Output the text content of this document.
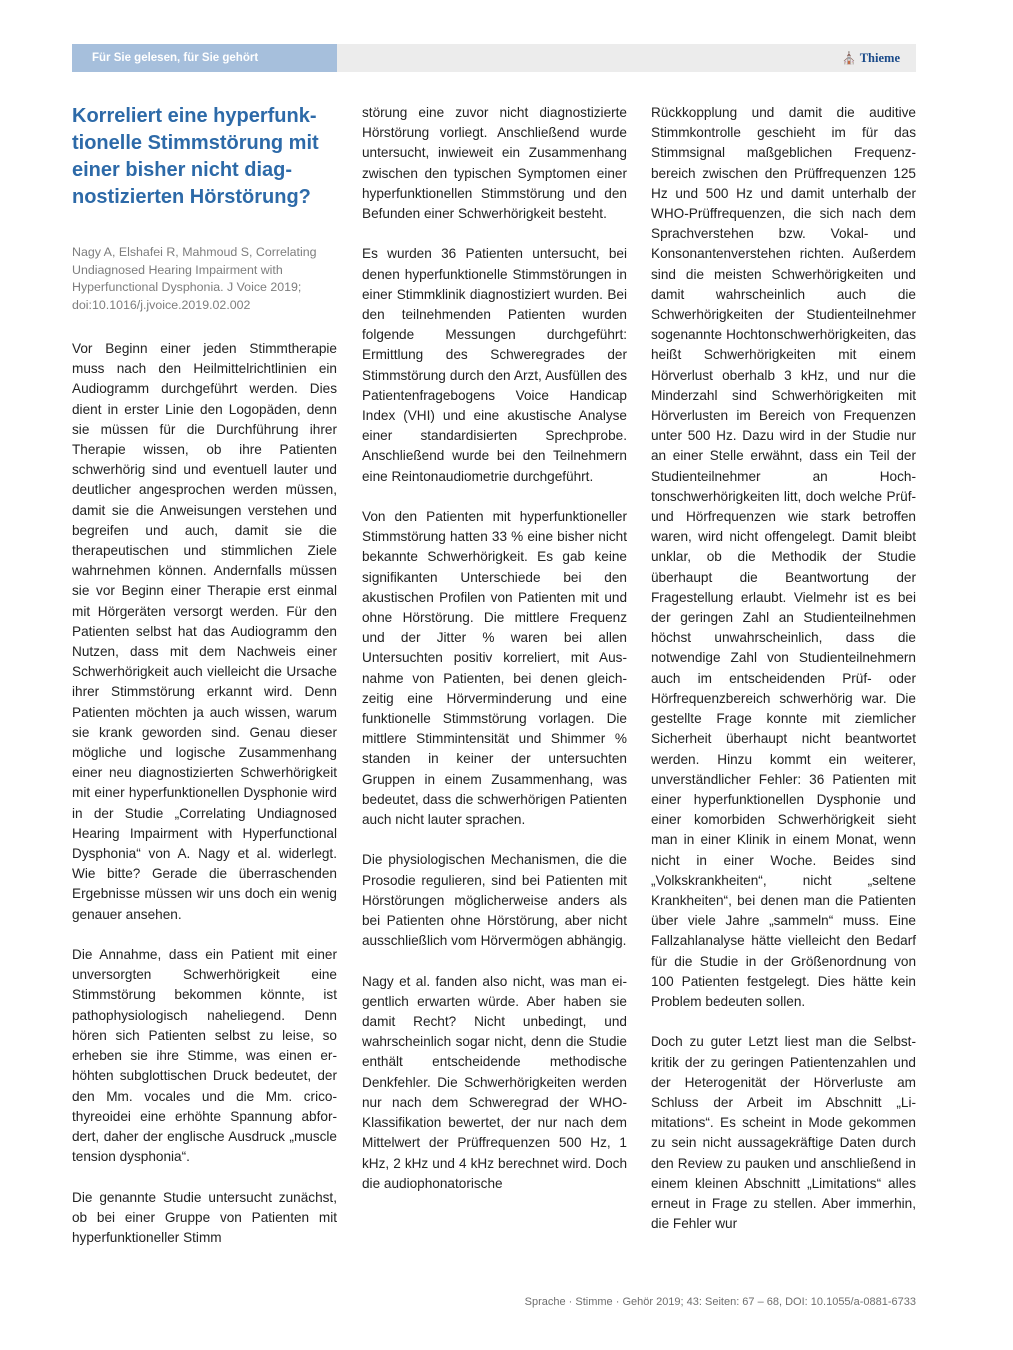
Für Sie gelesen, für Sie gehört	⛪ Thieme
Korreliert eine hyperfunktionelle Stimmstörung mit einer bisher nicht diagnostizierten Hörstörung?

Nagy A, Elshafei R, Mahmoud S, Correlating Undiagnosed Hearing Impairment with Hyperfunctional Dysphonia. J Voice 2019; doi:10.1016/j.jvoice.2019.02.002

Vor Beginn einer jeden Stimmtherapie muss nach den Heilmittelrichtlinien ein Audiogramm durchgeführt werden. Dies dient in erster Linie den Logopäden, denn sie müssen für die Durchführung ihrer Therapie wissen, ob ihre Patienten schwerhörig sind und eventuell lauter und deutlicher angesprochen werden müssen, damit sie die Anweisungen verstehen und begreifen und auch, damit sie die therapeutischen und stimmlichen Ziele wahrnehmen können. Andernfalls müssen sie vor Beginn einer Therapie erst einmal mit Hörgeräten versorgt werden. Für den Patienten selbst hat das Audiogramm den Nutzen, dass mit dem Nachweis einer Schwerhörigkeit auch vielleicht die Ursache ihrer Stimmstörung erkannt wird. Denn Patienten möchten ja auch wissen, warum sie krank geworden sind. Genau dieser mögliche und logische Zusammenhang einer neu diagnostizierten Schwerhörigkeit mit einer hyperfunktionellen Dysphonie wird in der Studie „Correlating Undiagnosed Hearing Impairment with Hyperfunctional Dysphonia“ von A. Nagy et al. widerlegt. Wie bitte? Gerade die überraschenden Ergebnisse müssen wir uns doch ein wenig genauer ansehen.

Die Annahme, dass ein Patient mit einer unversorgten Schwerhörigkeit eine Stimmstörung bekommen könnte, ist pathophysiologisch naheliegend. Denn hören sich Patienten selbst zu leise, so erheben sie ihre Stimme, was einen erhöhten subglottischen Druck bedeutet, der den Mm. vocales und die Mm. cricothyreoidei eine erhöhte Spannung abfordert, daher der englische Ausdruck „muscle tension dysphonia“.

Die genannte Studie untersucht zunächst, ob bei einer Gruppe von Patienten mit hyperfunktioneller Stimm

störung eine zuvor nicht diagnostizierte Hörstörung vorliegt. Anschließend wurde untersucht, inwieweit ein Zusammenhang zwischen den typischen Symptomen einer hyperfunktionellen Stimmstörung und den Befunden einer Schwerhörigkeit besteht.

Es wurden 36 Patienten untersucht, bei denen hyperfunktionelle Stimmstörungen in einer Stimmklinik diagnostiziert wurden. Bei den teilnehmenden Patienten wurden folgende Messungen durchgeführt: Ermittlung des Schweregrades der Stimmstörung durch den Arzt, Ausfüllen des Patientenfragebogens Voice Handicap Index (VHI) und eine akustische Analyse einer standardisierten Sprechprobe. Anschließend wurde bei den Teilnehmern eine Reintonaudiometrie durchgeführt.

Von den Patienten mit hyperfunktioneller Stimmstörung hatten 33 % eine bisher nicht bekannte Schwerhörigkeit. Es gab keine signifikanten Unterschiede bei den akustischen Profilen von Patienten mit und ohne Hörstörung. Die mittlere Frequenz und der Jitter % waren bei allen Untersuchten positiv korreliert, mit Ausnahme von Patienten, bei denen gleichzeitig eine Hörverminderung und eine funktionelle Stimmstörung vorlagen. Die mittlere Stimmintensität und Shimmer % standen in keiner der untersuchten Gruppen in einem Zusammenhang, was bedeutet, dass die schwerhörigen Patienten auch nicht lauter sprachen.

Die physiologischen Mechanismen, die die Prosodie regulieren, sind bei Patienten mit Hörstörungen möglicherweise anders als bei Patienten ohne Hörstörung, aber nicht ausschließlich vom Hörvermögen abhängig.

Nagy et al. fanden also nicht, was man eigentlich erwarten würde. Aber haben sie damit Recht? Nicht unbedingt, und wahrscheinlich sogar nicht, denn die Studie enthält entscheidende methodische Denkfehler. Die Schwerhörigkeiten werden nur nach dem Schweregrad der WHO-Klassifikation bewertet, der nur nach dem Mittelwert der Prüffrequenzen 500 Hz, 1 kHz, 2 kHz und 4 kHz berechnet wird. Doch die audiophonatorische

Rückkopplung und damit die auditive Stimmkontrolle geschieht im für das Stimmsignal maßgeblichen Frequenzbereich zwischen den Prüffrequenzen 125 Hz und 500 Hz und damit unterhalb der WHO-Prüffrequenzen, die sich nach dem Sprachverstehen bzw. Vokal- und Konsonantenverstehen richten. Außerdem sind die meisten Schwerhörigkeiten und damit wahrscheinlich auch die Schwerhörigkeiten der Studienteilnehmer sogenannte Hochtonschwerhörigkeiten, das heißt Schwerhörigkeiten mit einem Hörverlust oberhalb 3 kHz, und nur die Minderzahl sind Schwerhörigkeiten mit Hörverlusten im Bereich von Frequenzen unter 500 Hz. Dazu wird in der Studie nur an einer Stelle erwähnt, dass ein Teil der Studienteilnehmer an Hochtonschwerhörigkeiten litt, doch welche Prüf- und Hörfrequenzen wie stark betroffen waren, wird nicht offengelegt. Damit bleibt unklar, ob die Methodik der Studie überhaupt die Beantwortung der Fragestellung erlaubt. Vielmehr ist es bei der geringen Zahl an Studienteilnehmen höchst unwahrscheinlich, dass die notwendige Zahl von Studienteilnehmern auch im entscheidenden Prüf- oder Hörfrequenzbereich schwerhörig war. Die gestellte Frage konnte mit ziemlicher Sicherheit überhaupt nicht beantwortet werden. Hinzu kommt ein weiterer, unverständlicher Fehler: 36 Patienten mit einer hyperfunktionellen Dysphonie und einer komorbiden Schwerhörigkeit sieht man in einer Klinik in einem Monat, wenn nicht in einer Woche. Beides sind „Volkskrankheiten“, nicht „seltene Krankheiten“, bei denen man die Patienten über viele Jahre „sammeln“ muss. Eine Fallzahlanalyse hätte vielleicht den Bedarf für die Studie in der Größenordnung von 100 Patienten festgelegt. Dies hätte kein Problem bedeuten sollen.

Doch zu guter Letzt liest man die Selbstkritik der zu geringen Patientenzahlen und der Heterogenität der Hörverluste am Schluss der Arbeit im Abschnitt „Limitations“. Es scheint in Mode gekommen zu sein nicht aussagekräftige Daten durch den Review zu pauken und anschließend in einem kleinen Abschnitt „Limitations“ alles erneut in Frage zu stellen. Aber immerhin, die Fehler wur

Sprache · Stimme · Gehör 2019; 43: Seiten: 67 – 68, DOI: 10.1055/a-0881-6733
